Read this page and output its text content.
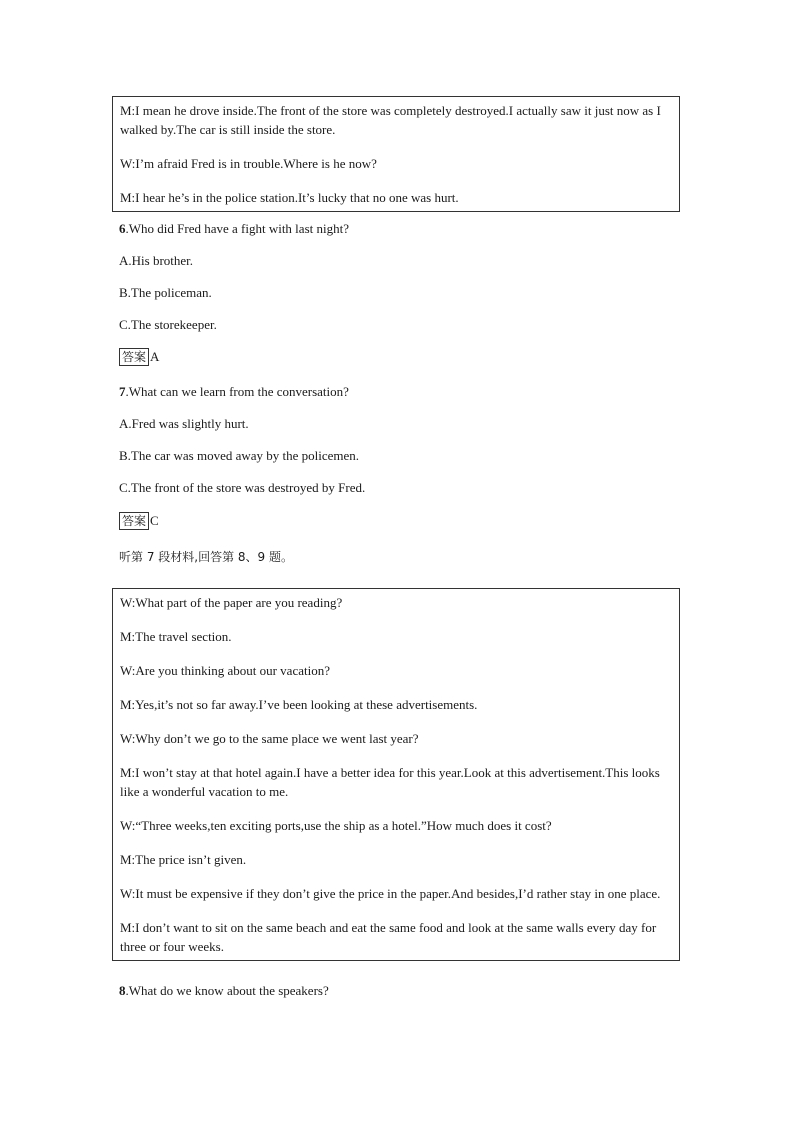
M:I mean he drove inside.The front of the store was completely destroyed.I actually saw it just now as I walked by.The car is still inside the store.

W:I’m afraid Fred is in trouble.Where is he now?

M:I hear he’s in the police station.It’s lucky that no one was hurt.

6.Who did Fred have a fight with last night?

A.His brother.

B.The policeman.

C.The storekeeper.

答案 A

7.What can we learn from the conversation?

A.Fred was slightly hurt.

B.The car was moved away by the policemen.

C.The front of the store was destroyed by Fred.

答案 C

听第 7 段材料,回答第 8、9 题。

W:What part of the paper are you reading?

M:The travel section.

W:Are you thinking about our vacation?

M:Yes,it’s not so far away.I’ve been looking at these advertisements.

W:Why don’t we go to the same place we went last year?

M:I won’t stay at that hotel again.I have a better idea for this year.Look at this advertisement.This looks like a wonderful vacation to me.

W:“Three weeks,ten exciting ports,use the ship as a hotel.”How much does it cost?

M:The price isn’t given.

W:It must be expensive if they don’t give the price in the paper.And besides,I’d rather stay in one place.

M:I don’t want to sit on the same beach and eat the same food and look at the same walls every day for three or four weeks.

8.What do we know about the speakers?
